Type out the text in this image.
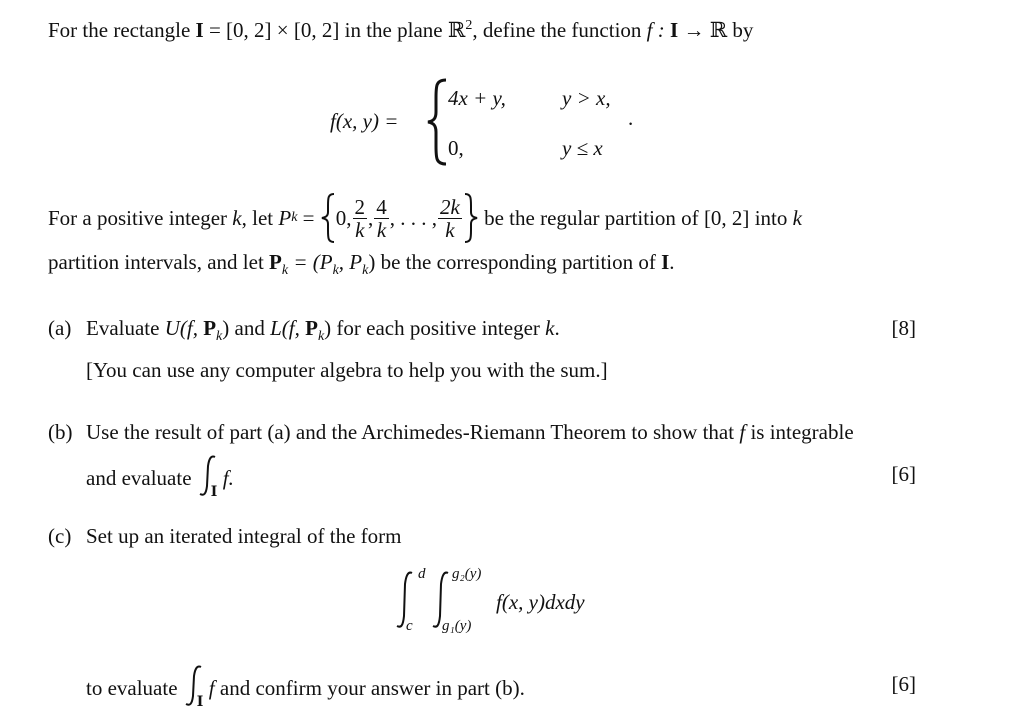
For the rectangle I = [0, 2] × [0, 2] in the plane ℝ$^2$, define the function f : I → ℝ by
f(x, y) =
4x + y,	y > x,
.
0,	y ≤ x
For a positive integer
k , let
P k
=
0, $\frac{2}{k}$ , $\frac{4}{k}$ , . . . , $\frac{2k}{k}$
be the regular partition of
[0, 2]
into
k
partition intervals, and let $P_k = (P_k$, $P_k$) be the corresponding partition of I.
(a) Evaluate U(f, $P_k$) and L(f, $P_k$) for each positive integer k.	[8]
[You can use any computer algebra to help you with the sum.]
(b) Use the result of part (a) and the Archimedes-Riemann Theorem to show that f is integrable
and evaluate

I
f.	[6]
(c) Set up an iterated integral of the form
d
c
g₂(y)
g₁(y)
f(x, y)dxdy
to evaluate

I
f
and confirm your answer in part (b).	[6]
